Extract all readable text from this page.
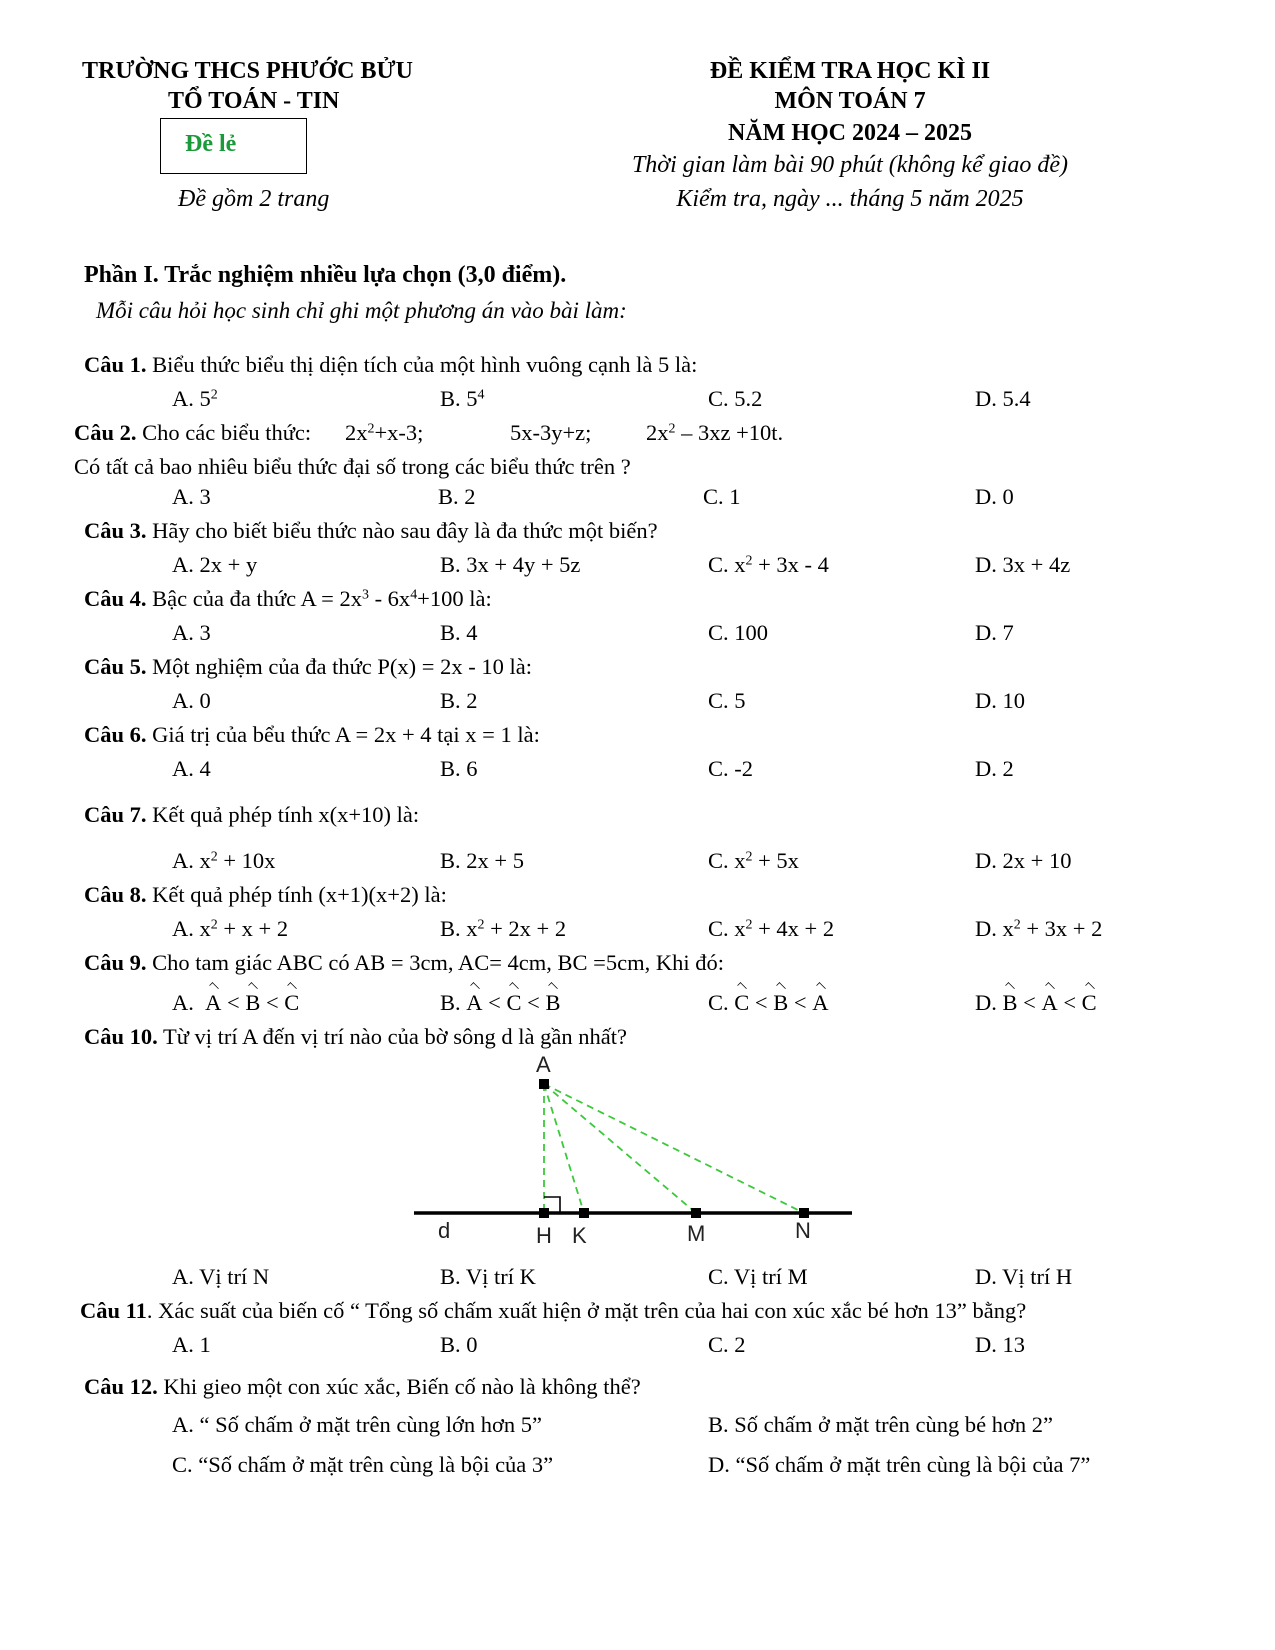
TRƯỜNG THCS PHƯỚC BỬU
TỔ TOÁN - TIN
Đề lẻ
Đề gồm 2 trang
ĐỀ KIỂM TRA HỌC KÌ II
MÔN TOÁN 7
NĂM HỌC 2024 – 2025
Thời gian làm bài 90 phút (không kể giao đề)
Kiểm tra, ngày ... tháng 5 năm 2025
Phần I. Trắc nghiệm nhiều lựa chọn (3,0 điểm).
Mỗi câu hỏi học sinh chỉ ghi một phương án vào bài làm:
Câu 1. Biểu thức biểu thị diện tích của một hình vuông cạnh là 5 là:
A. $5^2$	B. $5^4$	C. 5.2	D. 5.4
Câu 2. Cho các biểu thức: $2x^2+x-3$;	5x-3y+z; $2x^2 - 3xz +10t$.
Có tất cả bao nhiêu biểu thức đại số trong các biểu thức trên ?
A. 3	B. 2	C. 1	D. 0
Câu 3. Hãy cho biết biểu thức nào sau đây là đa thức một biến?
A. 2x + y	B. 3x + 4y + 5z	C. $x^2 + 3x - 4$	D. 3x + 4z
Câu 4. Bậc của đa thức $A = 2x^3 - 6x^4+100$ là:
A. 3	B. 4	C. 100	D. 7
Câu 5. Một nghiệm của đa thức P(x) = 2x - 10 là:
A. 0	B. 2	C. 5	D. 10
Câu 6. Giá trị của bểu thức A = 2x + 4 tại x = 1 là:
A. 4	B. 6	C. -2	D. 2
Câu 7. Kết quả phép tính x(x+10) là:
A. $x^2 + 10x$	B. 2x + 5	C. $x^2 + 5x$	D. 2x + 10
Câu 8. Kết quả phép tính (x+1)(x+2) là:
A. $x^2 + x + 2$	B. $x^2 + 2x + 2$	C. $x^2 + 4x + 2$	D. $x^2 + 3x + 2$
Câu 9. Cho tam giác ABC có AB = 3cm, AC= 4cm, BC =5cm, Khi đó:
A. A < B < C	B. A < C < B	C. C < B < A	D. B < A < C
Câu 10. Từ vị trí A đến vị trí nào của bờ sông d là gần nhất?
A
d	H K	M	N
A. Vị trí N	B. Vị trí K	C. Vị trí M	D. Vị trí H
Câu 11. Xác suất của biến cố “ Tổng số chấm xuất hiện ở mặt trên của hai con xúc xắc bé hơn 13” bằng?
A. 1	B. 0	C. 2	D. 13
Câu 12. Khi gieo một con xúc xắc, Biến cố nào là không thể?
A. “ Số chấm ở mặt trên cùng lớn hơn 5”	B. Số chấm ở mặt trên cùng bé hơn 2”
C. “Số chấm ở mặt trên cùng là bội của 3”	D. “Số chấm ở mặt trên cùng là bội của 7”
